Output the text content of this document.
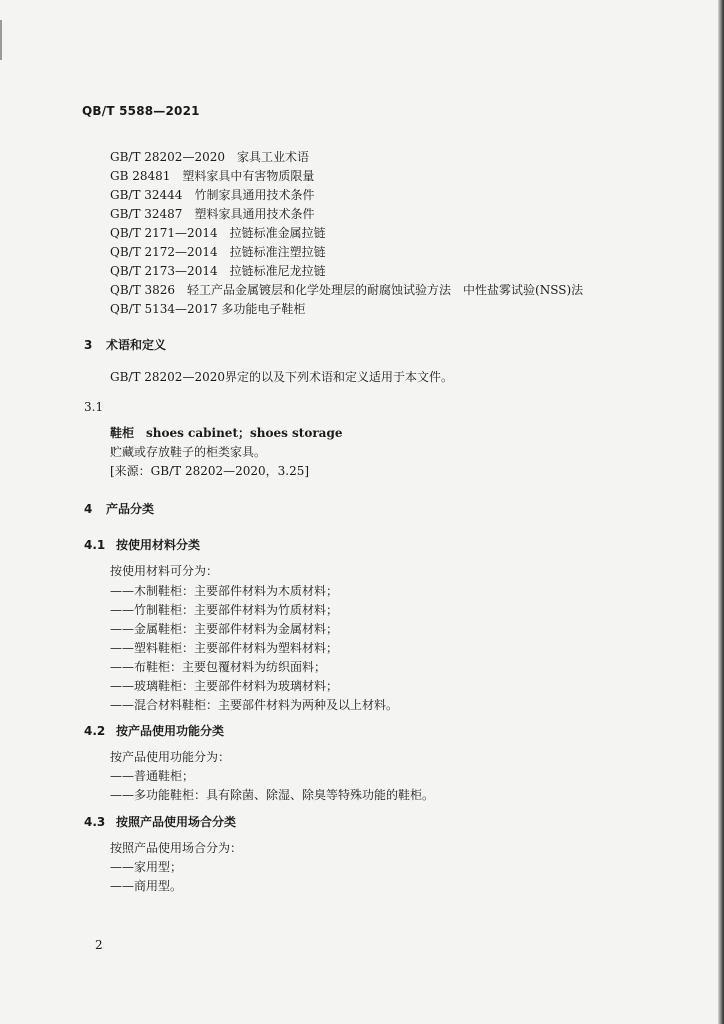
QB/T 5588—2021
GB/T 28202—2020　家具工业术语
GB 28481　塑料家具中有害物质限量
GB/T 32444　竹制家具通用技术条件
GB/T 32487　塑料家具通用技术条件
QB/T 2171—2014　拉链标准金属拉链
QB/T 2172—2014　拉链标准注塑拉链
QB/T 2173—2014　拉链标准尼龙拉链
QB/T 3826　轻工产品金属镀层和化学处理层的耐腐蚀试验方法　中性盐雾试验(NSS)法
QB/T 5134—2017 多功能电子鞋柜
3 术语和定义
GB/T 28202—2020界定的以及下列术语和定义适用于本文件。
3.1
鞋柜　shoes cabinet；shoes storage
贮藏或存放鞋子的柜类家具。
[来源：GB/T 28202—2020，3.25]
4 产品分类
4.1 按使用材料分类
按使用材料可分为：
——木制鞋柜：主要部件材料为木质材料；
——竹制鞋柜：主要部件材料为竹质材料；
——金属鞋柜：主要部件材料为金属材料；
——塑料鞋柜：主要部件材料为塑料材料；
——布鞋柜：主要包覆材料为纺织面料；
——玻璃鞋柜：主要部件材料为玻璃材料；
——混合材料鞋柜：主要部件材料为两种及以上材料。
4.2 按产品使用功能分类
按产品使用功能分为：
——普通鞋柜；
——多功能鞋柜：具有除菌、除湿、除臭等特殊功能的鞋柜。
4.3 按照产品使用场合分类
按照产品使用场合分为：
——家用型；
——商用型。
2
